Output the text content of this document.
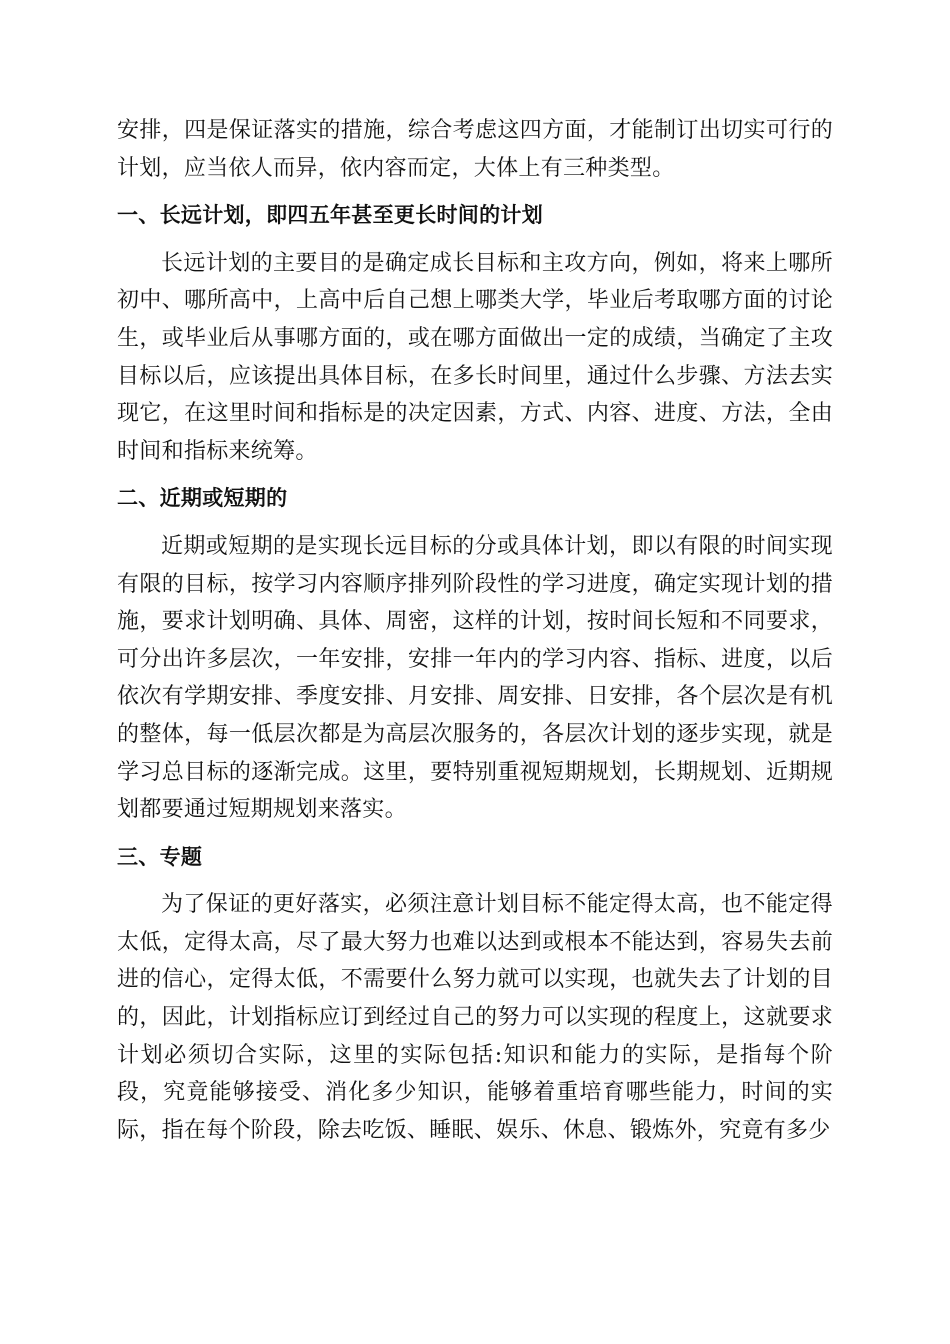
安排，四是保证落实的措施，综合考虑这四方面，才能制订出切实可行的计划，应当依人而异，依内容而定，大体上有三种类型。

一、长远计划，即四五年甚至更长时间的计划

长远计划的主要目的是确定成长目标和主攻方向，例如，将来上哪所初中、哪所高中，上高中后自己想上哪类大学，毕业后考取哪方面的讨论生，或毕业后从事哪方面的，或在哪方面做出一定的成绩，当确定了主攻目标以后，应该提出具体目标，在多长时间里，通过什么步骤、方法去实现它，在这里时间和指标是的决定因素，方式、内容、进度、方法，全由时间和指标来统筹。

二、近期或短期的

近期或短期的是实现长远目标的分或具体计划，即以有限的时间实现有限的目标，按学习内容顺序排列阶段性的学习进度，确定实现计划的措施，要求计划明确、具体、周密，这样的计划，按时间长短和不同要求，可分出许多层次，一年安排，安排一年内的学习内容、指标、进度，以后依次有学期安排、季度安排、月安排、周安排、日安排，各个层次是有机的整体，每一低层次都是为高层次服务的，各层次计划的逐步实现，就是学习总目标的逐渐完成。这里，要特别重视短期规划，长期规划、近期规划都要通过短期规划来落实。

三、专题

为了保证的更好落实，必须注意计划目标不能定得太高，也不能定得太低，定得太高，尽了最大努力也难以达到或根本不能达到，容易失去前进的信心，定得太低，不需要什么努力就可以实现，也就失去了计划的目的，因此，计划指标应订到经过自己的努力可以实现的程度上，这就要求计划必须切合实际，这里的实际包括:知识和能力的实际，是指每个阶段，究竟能够接受、消化多少知识，能够着重培育哪些能力，时间的实际，指在每个阶段，除去吃饭、睡眠、娱乐、休息、锻炼外，究竟有多少
